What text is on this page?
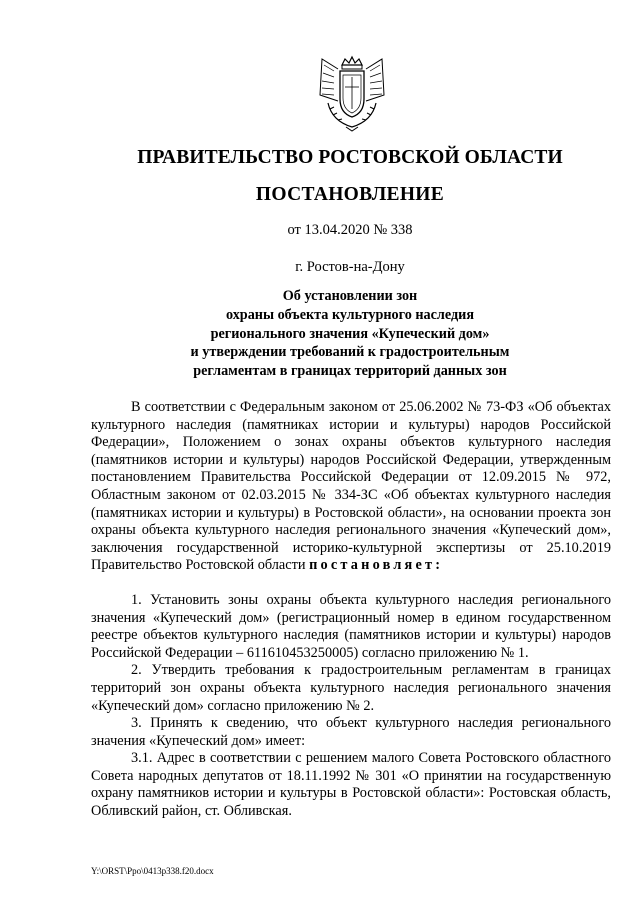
ПРАВИТЕЛЬСТВО РОСТОВСКОЙ ОБЛАСТИ
ПОСТАНОВЛЕНИЕ
от 13.04.2020 № 338
г. Ростов-на-Дону
Об установлении зон
охраны объекта культурного наследия
регионального значения «Купеческий дом»
и утверждении требований к градостроительным
регламентам в границах территорий данных зон

В соответствии с Федеральным законом от 25.06.2002 № 73-ФЗ «Об объектах культурного наследия (памятниках истории и культуры) народов Российской Федерации», Положением о зонах охраны объектов культурного наследия (памятников истории и культуры) народов Российской Федерации, утвержденным постановлением Правительства Российской Федерации от 12.09.2015 № 972, Областным законом от 02.03.2015 № 334-ЗС «Об объектах культурного наследия (памятниках истории и культуры) в Ростовской области», на основании проекта зон охраны объекта культурного наследия регионального значения «Купеческий дом», заключения государственной историко-культурной экспертизы от 25.10.2019 Правительство Ростовской области постановляет:

1. Установить зоны охраны объекта культурного наследия регионального значения «Купеческий дом» (регистрационный номер в едином государственном реестре объектов культурного наследия (памятников истории и культуры) народов Российской Федерации – 611610453250005) согласно приложению № 1.

2. Утвердить требования к градостроительным регламентам в границах территорий зон охраны объекта культурного наследия регионального значения «Купеческий дом» согласно приложению № 2.

3. Принять к сведению, что объект культурного наследия регионального значения «Купеческий дом» имеет:

3.1. Адрес в соответствии с решением малого Совета Ростовского областного Совета народных депутатов от 18.11.1992 № 301 «О принятии на государственную охрану памятников истории и культуры в Ростовской области»: Ростовская область, Обливский район, ст. Обливская.

Y:\ORST\Ppo\0413p338.f20.docx
